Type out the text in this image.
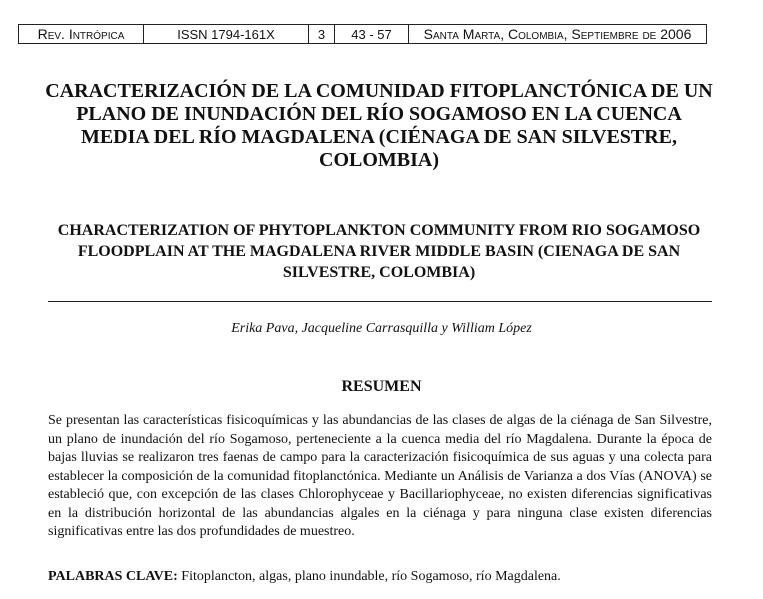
Rev. Intrópica	ISSN 1794-161X	3	43 - 57	Santa Marta, Colombia, Septiembre de 2006
CARACTERIZACIÓN DE LA COMUNIDAD FITOPLANCTÓNICA DE UN PLANO DE INUNDACIÓN DEL RÍO SOGAMOSO EN LA CUENCA MEDIA DEL RÍO MAGDALENA (CIÉNAGA DE SAN SILVESTRE, COLOMBIA)
CHARACTERIZATION OF PHYTOPLANKTON COMMUNITY FROM RIO SOGAMOSO FLOODPLAIN AT THE MAGDALENA RIVER MIDDLE BASIN (CIENAGA DE SAN SILVESTRE, COLOMBIA)
Erika Pava, Jacqueline Carrasquilla y William López
RESUMEN

Se presentan las características fisicoquímicas y las abundancias de las clases de algas de la ciénaga de San Silvestre, un plano de inundación del río Sogamoso, perteneciente a la cuenca media del río Magdalena. Durante la época de bajas lluvias se realizaron tres faenas de campo para la caracterización fisicoquímica de sus aguas y una colecta para establecer la composición de la comunidad fitoplanctónica. Mediante un Análisis de Varianza a dos Vías (ANOVA) se estableció que, con excepción de las clases Chlorophyceae y Bacillariophyceae, no existen diferencias significativas en la distribución horizontal de las abundancias algales en la ciénaga y para ninguna clase existen diferencias significativas entre las dos profundidades de muestreo.

PALABRAS CLAVE: Fitoplancton, algas, plano inundable, río Sogamoso, río Magdalena.
